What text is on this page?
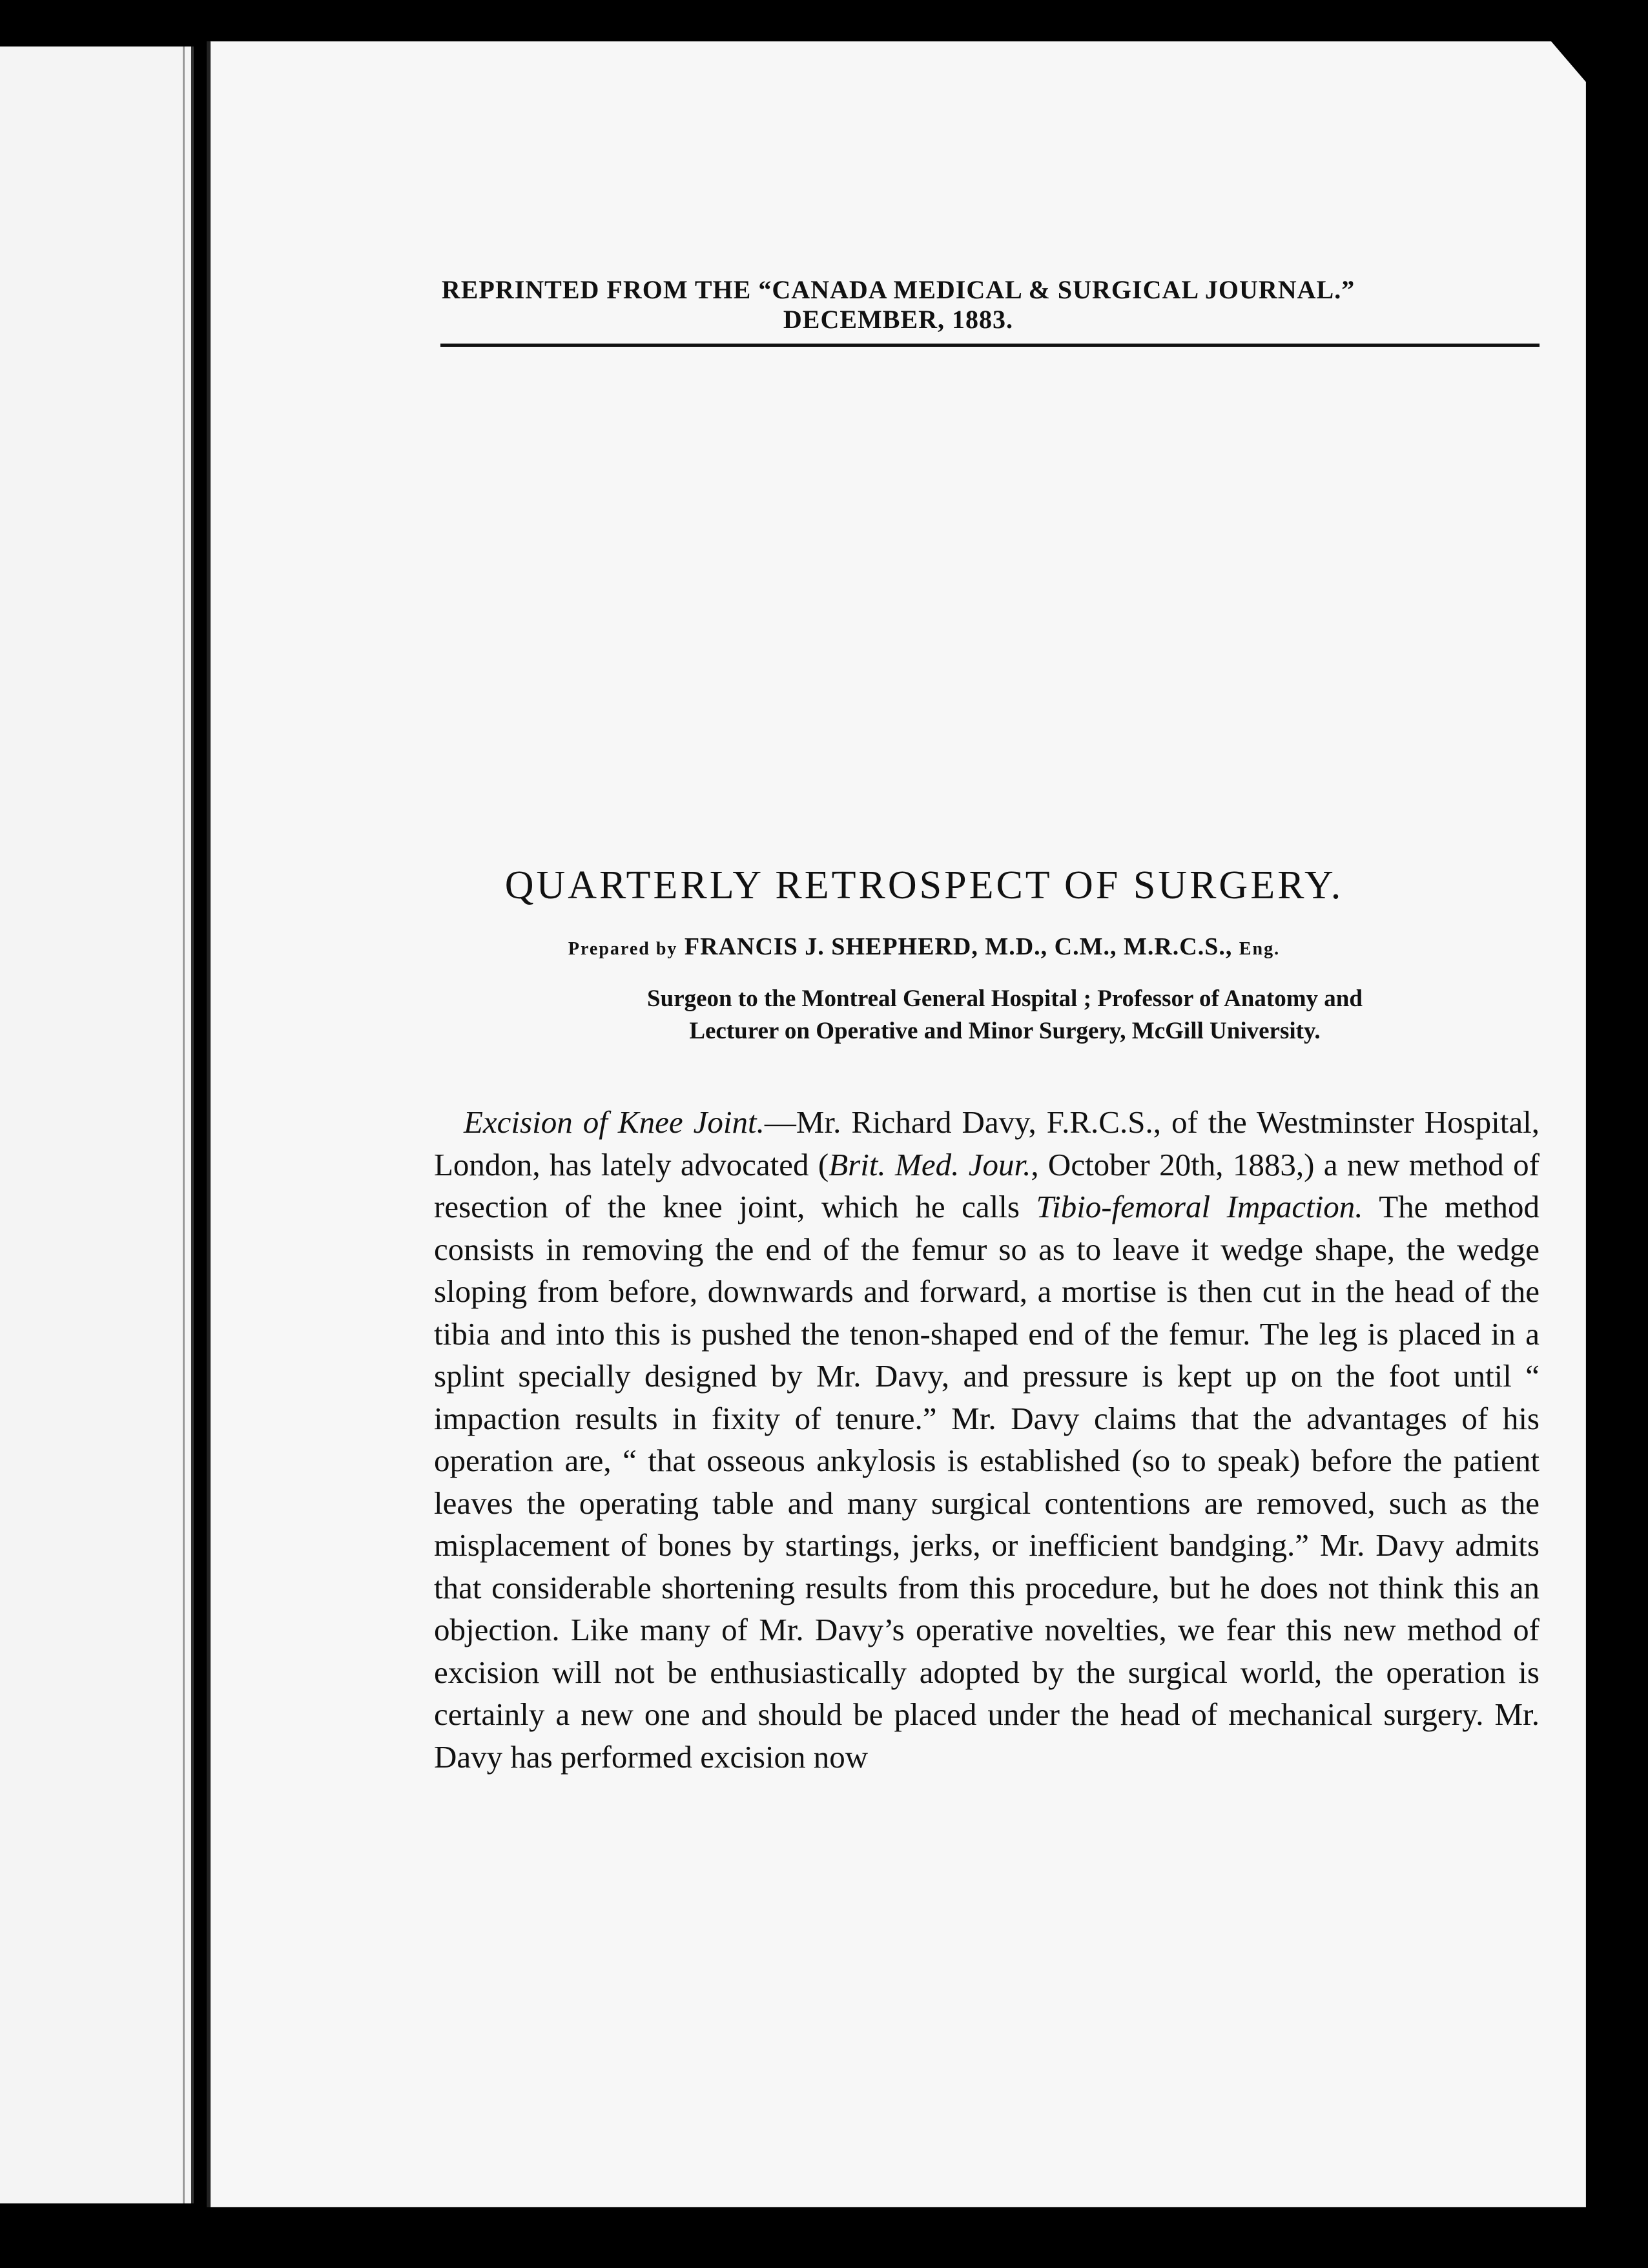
REPRINTED FROM THE “CANADA MEDICAL & SURGICAL JOURNAL.”
DECEMBER, 1883.
QUARTERLY RETROSPECT OF SURGERY.
Prepared by FRANCIS J. SHEPHERD, M.D., C.M., M.R.C.S., Eng.
Surgeon to the Montreal General Hospital ; Professor of Anatomy and
Lecturer on Operative and Minor Surgery, McGill University.

Excision of Knee Joint.—Mr. Richard Davy, F.R.C.S., of the Westminster Hospital, London, has lately advocated (Brit. Med. Jour., October 20th, 1883,) a new method of resection of the knee joint, which he calls Tibio-femoral Impaction. The method consists in removing the end of the femur so as to leave it wedge shape, the wedge sloping from before, downwards and forward, a mortise is then cut in the head of the tibia and into this is pushed the tenon-shaped end of the femur. The leg is placed in a splint specially designed by Mr. Davy, and pressure is kept up on the foot until “ impaction results in fixity of tenure.” Mr. Davy claims that the advantages of his operation are, “ that osseous ankylosis is established (so to speak) before the patient leaves the operating table and many surgical contentions are removed, such as the misplacement of bones by startings, jerks, or inefficient bandging.” Mr. Davy admits that considerable shortening results from this procedure, but he does not think this an objection. Like many of Mr. Davy’s operative novelties, we fear this new method of excision will not be enthusiastically adopted by the surgical world, the operation is certainly a new one and should be placed under the head of mechanical surgery. Mr. Davy has performed excision now
